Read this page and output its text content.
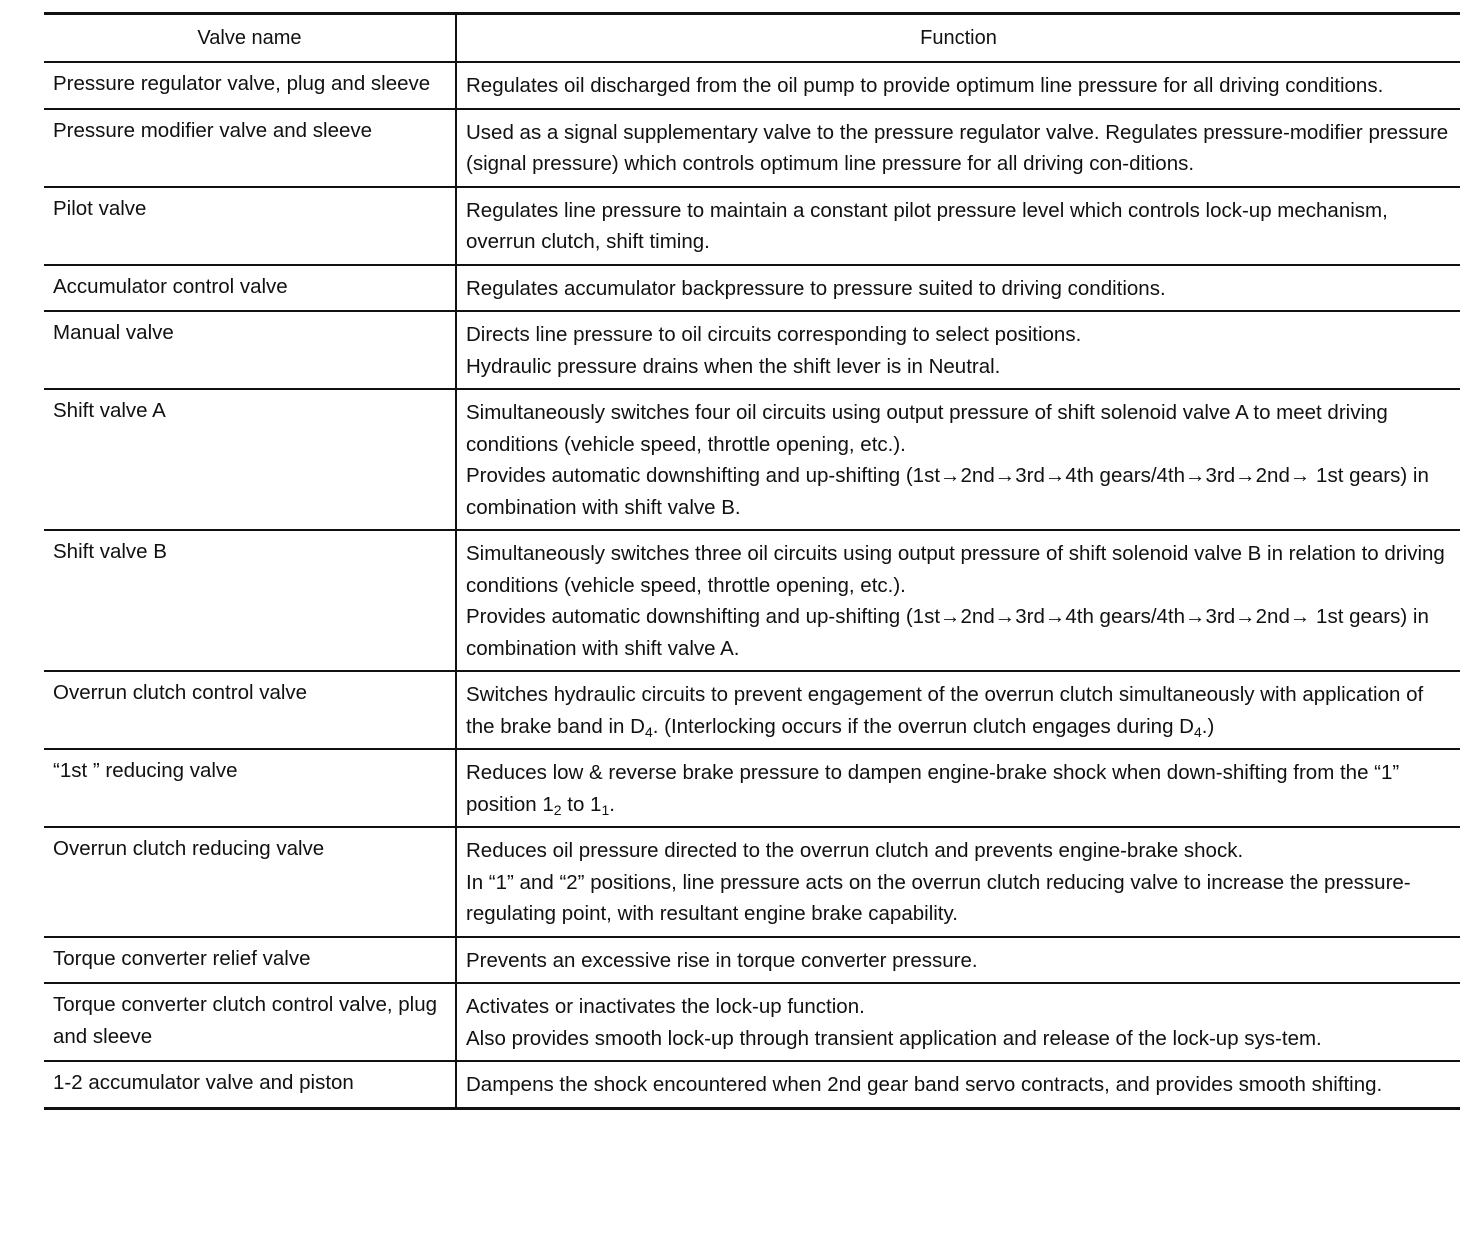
Valve name	Function
Pressure regulator valve, plug and sleeve	Regulates oil discharged from the oil pump to provide optimum line pressure for all driving conditions.

Pressure modifier valve and sleeve	Used as a signal supplementary valve to the pressure regulator valve. Regulates pressure-modifier pressure (signal pressure) which controls optimum line pressure for all driving con-ditions.

Pilot valve	Regulates line pressure to maintain a constant pilot pressure level which controls lock-up mechanism, overrun clutch, shift timing.

Accumulator control valve	Regulates accumulator backpressure to pressure suited to driving conditions.

Manual valve	Directs line pressure to oil circuits corresponding to select positions.
Hydraulic pressure drains when the shift lever is in Neutral.

Shift valve A	Simultaneously switches four oil circuits using output pressure of shift solenoid valve A to meet driving conditions (vehicle speed, throttle opening, etc.).
Provides automatic downshifting and up-shifting (1st→2nd→3rd→4th gears/4th→3rd→2nd→ 1st gears) in combination with shift valve B.

Shift valve B	Simultaneously switches three oil circuits using output pressure of shift solenoid valve B in relation to driving conditions (vehicle speed, throttle opening, etc.).
Provides automatic downshifting and up-shifting (1st→2nd→3rd→4th gears/4th→3rd→2nd→ 1st gears) in combination with shift valve A.

Overrun clutch control valve	Switches hydraulic circuits to prevent engagement of the overrun clutch simultaneously with application of the brake band in $D_4$. (Interlocking occurs if the overrun clutch engages during $D_4$.)

“1st ” reducing valve	Reduces low & reverse brake pressure to dampen engine-brake shock when down-shifting from the “1” position $1_2$ to $1_1$.

Overrun clutch reducing valve	Reduces oil pressure directed to the overrun clutch and prevents engine-brake shock.
In “1” and “2” positions, line pressure acts on the overrun clutch reducing valve to increase the pressure-regulating point, with resultant engine brake capability.

Torque converter relief valve	Prevents an excessive rise in torque converter pressure.

Torque converter clutch control valve, plug and sleeve	Activates or inactivates the lock-up function.
Also provides smooth lock-up through transient application and release of the lock-up sys-tem.

1-2 accumulator valve and piston	Dampens the shock encountered when 2nd gear band servo contracts, and provides smooth shifting.
